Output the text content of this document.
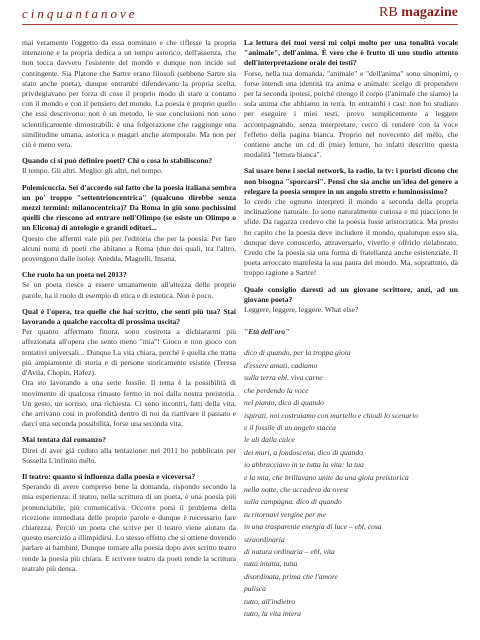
cinquantanove	RB magazine

mai veramente l'oggetto da essa nominato e che riflesse la propria intenzione e la propria dedica a un tempo astorico, dell'assenza, che non tocca davvero l'esistente del mondo e dunque non incide sul contingente. Sia Platone che Sartre erano filosofi (sebbene Sartre sia stato anche poeta), dunque entrambi difendevano la propria scelta, privilegiavano per forza di cose il proprio modo di stare a contatto con il mondo e con il pensiero del mondo. La poesia è proprio quello che essi descrivono: non è un metodo, le sue conclusioni non sono scientificamente dimostrabili: è una folgorazione che raggiunge una similitudine umana, astorica e magari anche atemporale. Ma non per ciò è meno vera.

Quando ci si può definire poeti? Chi o cosa lo stabiliscono?

Il tempo. Gli altri. Meglio: gli altri, nel tempo.

Polemicuccia. Sei d'accordo sul fatto che la poesia italiana sembra un po' troppo "settentrioncentrica" (qualcuno direbbe senza mezzi termini: milanocentrica)? Da Roma in giù sono pochissimi quelli che riescono ad entrare nell'Olimpo (se esiste un Olimpo o un Elicona) di antologie e grandi editori...

Questo che affermi vale più per l'editoria che per la poesia. Per fare alcuni nomi di poeti che abitano a Roma (due dei quali, tra l'altro, provengono dalle isole): Anedda, Magrelli, Insana.

Che ruolo ha un poeta nel 2013?

Se un poeta riesce a essere umanamente all'altezza delle proprie parole, ha il ruolo di esempio di etica e di estetica. Non è poco.

Qual è l'opera, tra quelle che hai scritto, che senti più tua? Stai lavorando a qualche raccolta di prossima uscita?

Per quanto affermato finora, sono costretta a dichiararmi più affezionata all'opera che sento meno "mia"! Gioco e non gioco con tentativi universali... Dunque La vita chiara, perché è quella che tratta più ampiamente di storia e di persone storicamente esistite (Teresa d'Avila, Chopin, Hafez).

Ora sto lavorando a una serie fossile. Il tema è la possibilità di movimento di qualcosa rimasto fermo in noi dalla nostra preistoria. Un gesto, un sorriso, una richiesta. Ci sono incontri, fatti della vita, che arrivano così in profondità dentro di noi da riattivare il passato e darci una seconda possibilità, forse una seconda vita.

Mai tentata dal romanzo?

Direi di aver già ceduto alla tentazione: nel 2011 ho pubblicato per Sossella L'infinito mélo.

Il teatro: quanto si influenza dalla poesia e viceversa?

Sperando di avere compreso bene la domanda, rispondo secondo la mia esperienza: il teatro, nella scrittura di un poeta, è una poesia più pronunciabile, più comunicativa. Occorre porsi il problema della ricezione immediata delle proprie parole e dunque è necessario fare chiarezza. Perciò un poeta che scrive per il teatro viene aiutato da questo esercizio a illimpidirsi. Lo stesso effetto che si ottiene dovendo parlare ai bambini. Dunque tornare alla poesia dopo aver scritto teatro rende la poesia più chiara. E scrivere teatro da poeti rende la scrittura teatrale più densa.

La lettura dei tuoi versi mi colpì molto per una tonalità vocale "animale", dell'anima. È vero che è frutto di uno studio attento dell'interpretazione orale dei testi?

Forse, nella tua domanda, "animale" e "dell'anima" sono sinonimi, o forse intendi una identità tra anima e animale: scelgo di propendere per la seconda ipotesi, poiché ritengo il corpo (l'animale che siamo) la sola anima che abbiamo in terra. In entrambi i casi: non ho studiato per eseguire i miei testi, provo semplicemente a leggere accompagnando, senza interpretare, cerco di rendere con la voce l'effetto della pagina bianca. Proprio nel novecento del mélo, che contiene anche un cd di (mie) letture, ho infatti descritto questa modalità "lettura bianca".

Sai usare bene i social network, la radio, la tv: i puristi dicono che non bisogna "sporcarsi". Pensi che sia anche un'idea del genere a relegare la poesia sempre in un angolo stretto e luminosissimo?

Io credo che ognuno interpreti il mondo a seconda della propria inclinazione naturale. Io sono naturalmente curiosa e mi piacciono le sfide. Da ragazza credevo che la poesia fosse aristocratica. Ma presto ho capito che la poesia deve includere il mondo, qualunque esso sia, dunque deve conoscerlo, attraversarlo, viverlo e offrirlo rielaborato. Credo che la poesia sia una forma di fratellanza anche esistenziale. Il poeta arroccato manifesta la sua paura del mondo. Ma, soprattutto, dà troppo ragione a Sartre!

Quale consiglio daresti ad un giovane scrittore, anzi, ad un giovane poeta?

Leggere, leggere, leggere. What else?

"Età dell'oro"

dico di quando, per la troppa gioia

d'essere amati, cadiamo

sulla terra ebl, viva carne

che perdendo la voce

nel pianto, dico di quando

ispirati, noi costruiamo con martello e chiodi lo scenario

e il fossile di un angelo stacca

le ali dalla calce

dei muri, a fondoscena. dico di quando

io abbracciavo in te tutta la vita: la tua

e la mia, che brillavano unite da una gioia preistorica

nella notte, che accadeva da ovest

sulla campagna. dico di quando

tu ritornavi vergine per me

in una trasparente energia di luce – ebl, cosa

straordinaria

di natura ordinaria – ebl, vita

tutta intatta, tutta

disordinata, prima che l'amore

pulisca

tutto, all'indietro

tutto, la vita intera
